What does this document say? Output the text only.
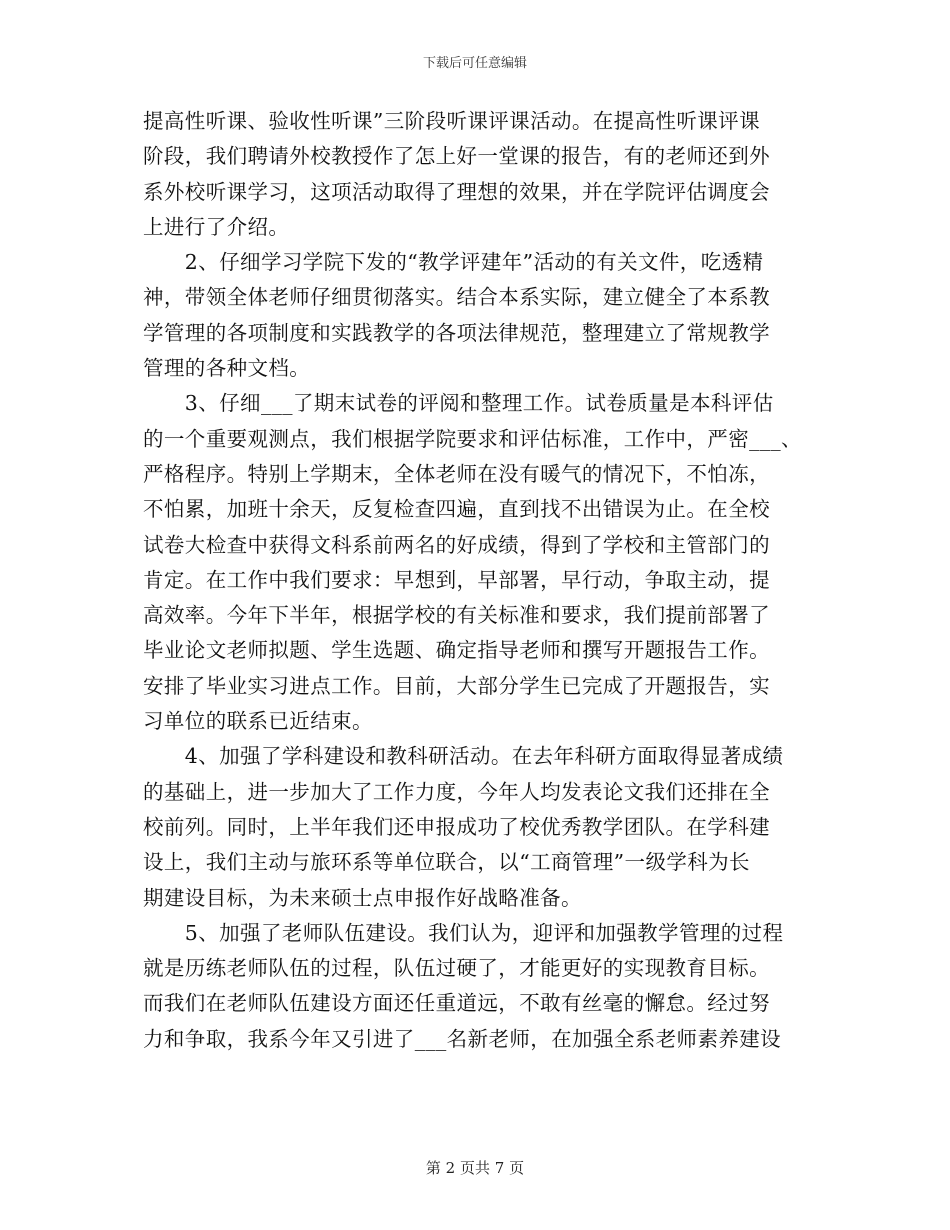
下载后可任意编辑
提高性听课、验收性听课”三阶段听课评课活动。在提高性听课评课
阶段，我们聘请外校教授作了怎上好一堂课的报告，有的老师还到外
系外校听课学习，这项活动取得了理想的效果，并在学院评估调度会
上进行了介绍。
　　2、仔细学习学院下发的“教学评建年”活动的有关文件，吃透精
神，带领全体老师仔细贯彻落实。结合本系实际，建立健全了本系教
学管理的各项制度和实践教学的各项法律规范，整理建立了常规教学
管理的各种文档。
　　3、仔细___了期末试卷的评阅和整理工作。试卷质量是本科评估
的一个重要观测点，我们根据学院要求和评估标准，工作中，严密___、
严格程序。特别上学期末，全体老师在没有暖气的情况下，不怕冻，
不怕累，加班十余天，反复检查四遍，直到找不出错误为止。在全校
试卷大检查中获得文科系前两名的好成绩，得到了学校和主管部门的
肯定。在工作中我们要求：早想到，早部署，早行动，争取主动，提
高效率。今年下半年，根据学校的有关标准和要求，我们提前部署了
毕业论文老师拟题、学生选题、确定指导老师和撰写开题报告工作。
安排了毕业实习进点工作。目前，大部分学生已完成了开题报告，实
习单位的联系已近结束。
　　4、加强了学科建设和教科研活动。在去年科研方面取得显著成绩
的基础上，进一步加大了工作力度，今年人均发表论文我们还排在全
校前列。同时，上半年我们还申报成功了校优秀教学团队。在学科建
设上，我们主动与旅环系等单位联合，以“工商管理”一级学科为长
期建设目标，为未来硕士点申报作好战略准备。
　　5、加强了老师队伍建设。我们认为，迎评和加强教学管理的过程
就是历练老师队伍的过程，队伍过硬了，才能更好的实现教育目标。
而我们在老师队伍建设方面还任重道远，不敢有丝毫的懈怠。经过努
力和争取，我系今年又引进了___名新老师，在加强全系老师素养建设
第 2 页共 7 页
